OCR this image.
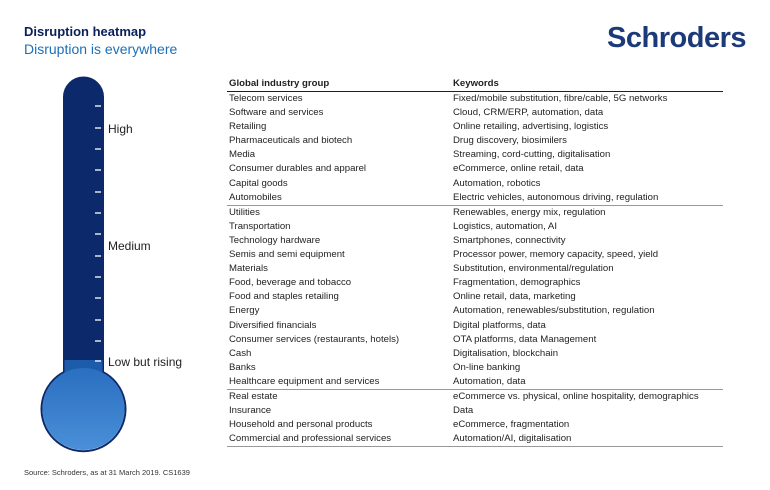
Disruption heatmap
Disruption is everywhere	Schroders
High
Medium
Low but rising
Global industry group	Keywords
Telecom services	Fixed/mobile substitution, fibre/cable, 5G networks
Software and services	Cloud, CRM/ERP, automation, data
Retailing	Online retailing, advertising, logistics
Pharmaceuticals and biotech	Drug discovery, biosimilers
Media	Streaming, cord-cutting, digitalisation
Consumer durables and apparel	eCommerce, online retail, data
Capital goods	Automation, robotics
Automobiles	Electric vehicles, autonomous driving, regulation
Utilities	Renewables, energy mix, regulation
Transportation	Logistics, automation, AI
Technology hardware	Smartphones, connectivity
Semis and semi equipment	Processor power, memory capacity, speed, yield
Materials	Substitution, environmental/regulation
Food, beverage and tobacco	Fragmentation, demographics
Food and staples retailing	Online retail, data, marketing
Energy	Automation, renewables/substitution, regulation
Diversified financials	Digital platforms, data
Consumer services (restaurants, hotels)	OTA platforms, data Management
Cash	Digitalisation, blockchain
Banks	On-line banking
Healthcare equipment and services	Automation, data
Real estate	eCommerce vs. physical, online hospitality, demographics
Insurance	Data
Household and personal products	eCommerce, fragmentation
Commercial and professional services	Automation/AI, digitalisation
Source: Schroders, as at 31 March 2019. CS1639
